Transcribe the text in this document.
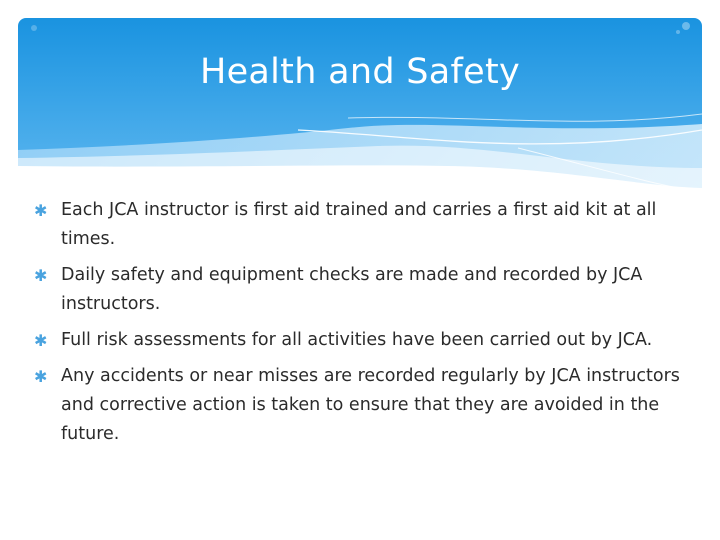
Health and Safety
✱ Each JCA instructor is first aid trained and carries a first aid kit at all times.
✱ Daily safety and equipment checks are made and recorded by JCA instructors.
✱ Full risk assessments for all activities have been carried out by JCA.
✱ Any accidents or near misses are recorded regularly by JCA instructors and corrective action is taken to ensure that they are avoided in the future.
